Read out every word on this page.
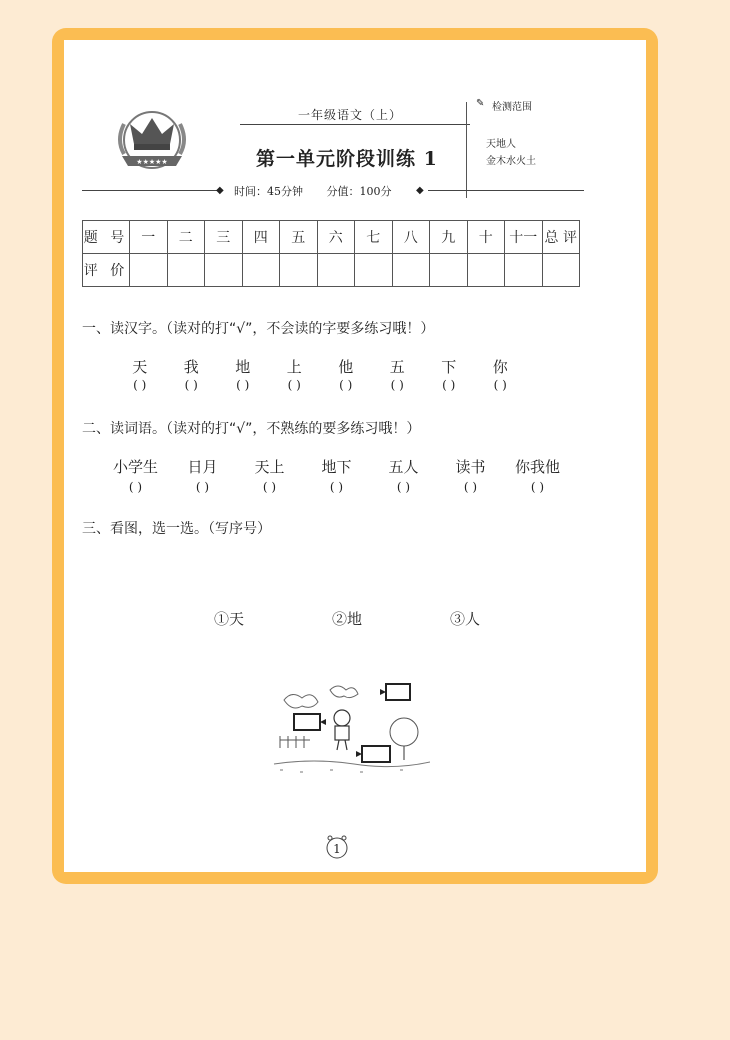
★★★★★
一年级语文（上）
第一单元阶段训练 1
✎ 检测范围
天地人
金木水火土
◆ 时间：45分钟 分值：100分	◆
题 号	一	二	三	四	五	六	七	八	九	十	十一	总 评
评 价												
一、读汉字。（读对的打“√”，不会读的字要多练习哦！）
天 我 地 上 他 五 下 你
( )	( )	( )	( )	( )	( )	( )	( )
二、读词语。（读对的打“√”，不熟练的要多练习哦！）
小学生 日月 天上 地下 五人 读书 你我他
( )	( )	( )	( )	( )	( )	( )
三、看图，选一选。（写序号）
①天	②地	③人
1
